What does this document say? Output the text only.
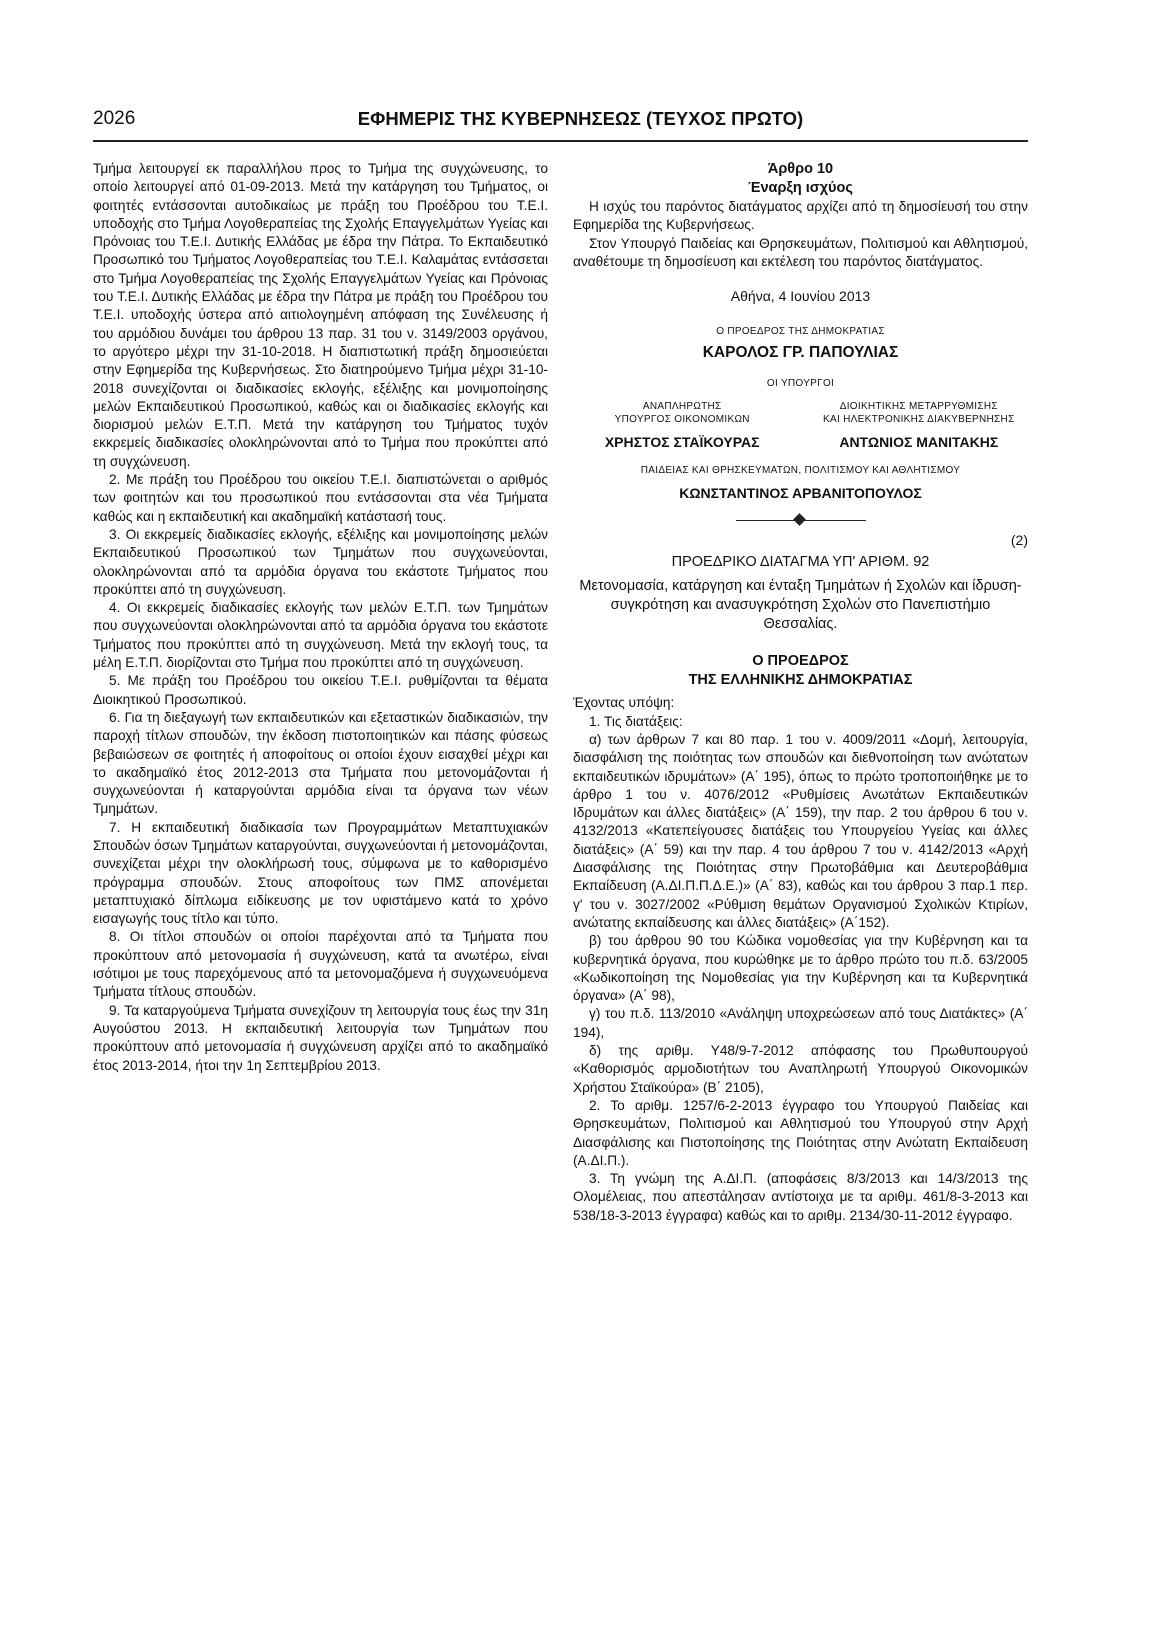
2026	ΕΦΗΜΕΡΙΣ ΤΗΣ ΚΥΒΕΡΝΗΣΕΩΣ (ΤΕΥΧΟΣ ΠΡΩΤΟ)

Τμήμα λειτουργεί εκ παραλλήλου προς το Τμήμα της συγχώνευσης, το οποίο λειτουργεί από 01-09-2013. Μετά την κατάργηση του Τμήματος, οι φοιτητές εντάσσονται αυτοδικαίως με πράξη του Προέδρου του Τ.Ε.Ι. υποδοχής στο Τμήμα Λογοθεραπείας της Σχολής Επαγγελμάτων Υγείας και Πρόνοιας του Τ.Ε.Ι. Δυτικής Ελλάδας με έδρα την Πάτρα. Το Εκπαιδευτικό Προσωπικό του Τμήματος Λογοθεραπείας του Τ.Ε.Ι. Καλαμάτας εντάσσεται στο Τμήμα Λογοθεραπείας της Σχολής Επαγγελμάτων Υγείας και Πρόνοιας του Τ.Ε.Ι. Δυτικής Ελλάδας με έδρα την Πάτρα με πράξη του Προέδρου του Τ.Ε.Ι. υποδοχής ύστερα από αιτιολογημένη απόφαση της Συνέλευσης ή του αρμόδιου δυνάμει του άρθρου 13 παρ. 31 του ν. 3149/2003 οργάνου, το αργότερο μέχρι την 31-10-2018. Η διαπιστωτική πράξη δημοσιεύεται στην Εφημερίδα της Κυβερνήσεως. Στο διατηρούμενο Τμήμα μέχρι 31-10-2018 συνεχίζονται οι διαδικασίες εκλογής, εξέλιξης και μονιμοποίησης μελών Εκπαιδευτικού Προσωπικού, καθώς και οι διαδικασίες εκλογής και διορισμού μελών Ε.Τ.Π. Μετά την κατάργηση του Τμήματος τυχόν εκκρεμείς διαδικασίες ολοκληρώνονται από το Τμήμα που προκύπτει από τη συγχώνευση.

2. Με πράξη του Προέδρου του οικείου Τ.Ε.Ι. διαπιστώνεται ο αριθμός των φοιτητών και του προσωπικού που εντάσσονται στα νέα Τμήματα καθώς και η εκπαιδευτική και ακαδημαϊκή κατάστασή τους.

3. Οι εκκρεμείς διαδικασίες εκλογής, εξέλιξης και μονιμοποίησης μελών Εκπαιδευτικού Προσωπικού των Τμημάτων που συγχωνεύονται, ολοκληρώνονται από τα αρμόδια όργανα του εκάστοτε Τμήματος που προκύπτει από τη συγχώνευση.

4. Οι εκκρεμείς διαδικασίες εκλογής των μελών Ε.Τ.Π. των Τμημάτων που συγχωνεύονται ολοκληρώνονται από τα αρμόδια όργανα του εκάστοτε Τμήματος που προκύπτει από τη συγχώνευση. Μετά την εκλογή τους, τα μέλη Ε.Τ.Π. διορίζονται στο Τμήμα που προκύπτει από τη συγχώνευση.

5. Με πράξη του Προέδρου του οικείου Τ.Ε.Ι. ρυθμίζονται τα θέματα Διοικητικού Προσωπικού.

6. Για τη διεξαγωγή των εκπαιδευτικών και εξεταστικών διαδικασιών, την παροχή τίτλων σπουδών, την έκδοση πιστοποιητικών και πάσης φύσεως βεβαιώσεων σε φοιτητές ή αποφοίτους οι οποίοι έχουν εισαχθεί μέχρι και το ακαδημαϊκό έτος 2012-2013 στα Τμήματα που μετονομάζονται ή συγχωνεύονται ή καταργούνται αρμόδια είναι τα όργανα των νέων Τμημάτων.

7. Η εκπαιδευτική διαδικασία των Προγραμμάτων Μεταπτυχιακών Σπουδών όσων Τμημάτων καταργούνται, συγχωνεύονται ή μετονομάζονται, συνεχίζεται μέχρι την ολοκλήρωσή τους, σύμφωνα με το καθορισμένο πρόγραμμα σπουδών. Στους αποφοίτους των ΠΜΣ απονέμεται μεταπτυχιακό δίπλωμα ειδίκευσης με τον υφιστάμενο κατά το χρόνο εισαγωγής τους τίτλο και τύπο.

8. Οι τίτλοι σπουδών οι οποίοι παρέχονται από τα Τμήματα που προκύπτουν από μετονομασία ή συγχώνευση, κατά τα ανωτέρω, είναι ισότιμοι με τους παρεχόμενους από τα μετονομαζόμενα ή συγχωνευόμενα Τμήματα τίτλους σπουδών.

9. Τα καταργούμενα Τμήματα συνεχίζουν τη λειτουργία τους έως την 31η Αυγούστου 2013. Η εκπαιδευτική λειτουργία των Τμημάτων που προκύπτουν από μετονομασία ή συγχώνευση αρχίζει από το ακαδημαϊκό έτος 2013-2014, ήτοι την 1η Σεπτεμβρίου 2013.

Άρθρο 10
Έναρξη ισχύος

Η ισχύς του παρόντος διατάγματος αρχίζει από τη δημοσίευσή του στην Εφημερίδα της Κυβερνήσεως.

Στον Υπουργό Παιδείας και Θρησκευμάτων, Πολιτισμού και Αθλητισμού, αναθέτουμε τη δημοσίευση και εκτέλεση του παρόντος διατάγματος.

Αθήνα, 4 Ιουνίου 2013
Ο ΠΡΟΕΔΡΟΣ ΤΗΣ ΔΗΜΟΚΡΑΤΙΑΣ
ΚΑΡΟΛΟΣ ΓΡ. ΠΑΠΟΥΛΙΑΣ
ΟΙ ΥΠΟΥΡΓΟΙ
ΑΝΑΠΛΗΡΩΤΗΣ
ΥΠΟΥΡΓΟΣ ΟΙΚΟΝΟΜΙΚΩΝ
ΧΡΗΣΤΟΣ ΣΤΑΪΚΟΥΡΑΣ
ΔΙΟΙΚΗΤΙΚΗΣ ΜΕΤΑΡΡΥΘΜΙΣΗΣ
ΚΑΙ ΗΛΕΚΤΡΟΝΙΚΗΣ ΔΙΑΚΥΒΕΡΝΗΣΗΣ
ΑΝΤΩΝΙΟΣ ΜΑΝΙΤΑΚΗΣ
ΠΑΙΔΕΙΑΣ ΚΑΙ ΘΡΗΣΚΕΥΜΑΤΩΝ, ΠΟΛΙΤΙΣΜΟΥ ΚΑΙ ΑΘΛΗΤΙΣΜΟΥ
ΚΩΝΣΤΑΝΤΙΝΟΣ ΑΡΒΑΝΙΤΟΠΟΥΛΟΣ
(2)
ΠΡΟΕΔΡΙΚΟ ΔΙΑΤΑΓΜΑ ΥΠ' ΑΡΙΘΜ. 92
Μετονομασία, κατάργηση και ένταξη Τμημάτων ή Σχολών και ίδρυση-συγκρότηση και ανασυγκρότηση Σχολών στο Πανεπιστήμιο Θεσσαλίας.
Ο ΠΡΟΕΔΡΟΣ
ΤΗΣ ΕΛΛΗΝΙΚΗΣ ΔΗΜΟΚΡΑΤΙΑΣ

Έχοντας υπόψη:

1. Τις διατάξεις:

α) των άρθρων 7 και 80 παρ. 1 του ν. 4009/2011 «Δομή, λειτουργία, διασφάλιση της ποιότητας των σπουδών και διεθνοποίηση των ανώτατων εκπαιδευτικών ιδρυμάτων» (Α΄ 195), όπως το πρώτο τροποποιήθηκε με το άρθρο 1 του ν. 4076/2012 «Ρυθμίσεις Ανωτάτων Εκπαιδευτικών Ιδρυμάτων και άλλες διατάξεις» (Α΄ 159), την παρ. 2 του άρθρου 6 του ν. 4132/2013 «Κατεπείγουσες διατάξεις του Υπουργείου Υγείας και άλλες διατάξεις» (Α΄ 59) και την παρ. 4 του άρθρου 7 του ν. 4142/2013 «Αρχή Διασφάλισης της Ποιότητας στην Πρωτοβάθμια και Δευτεροβάθμια Εκπαίδευση (Α.ΔΙ.Π.Π.Δ.Ε.)» (Α΄ 83), καθώς και του άρθρου 3 παρ.1 περ. γ' του ν. 3027/2002 «Ρύθμιση θεμάτων Οργανισμού Σχολικών Κτιρίων, ανώτατης εκπαίδευσης και άλλες διατάξεις» (Α΄152).

β) του άρθρου 90 του Κώδικα νομοθεσίας για την Κυβέρνηση και τα κυβερνητικά όργανα, που κυρώθηκε με το άρθρο πρώτο του π.δ. 63/2005 «Κωδικοποίηση της Νομοθεσίας για την Κυβέρνηση και τα Κυβερνητικά όργανα» (Α΄ 98),

γ) του π.δ. 113/2010 «Ανάληψη υποχρεώσεων από τους Διατάκτες» (Α΄ 194),

δ) της αριθμ. Υ48/9-7-2012 απόφασης του Πρωθυπουργού «Καθορισμός αρμοδιοτήτων του Αναπληρωτή Υπουργού Οικονομικών Χρήστου Σταϊκούρα» (Β΄ 2105),

2. Το αριθμ. 1257/6-2-2013 έγγραφο του Υπουργού Παιδείας και Θρησκευμάτων, Πολιτισμού και Αθλητισμού του Υπουργού στην Αρχή Διασφάλισης και Πιστοποίησης της Ποιότητας στην Ανώτατη Εκπαίδευση (Α.ΔΙ.Π.).

3. Τη γνώμη της Α.ΔΙ.Π. (αποφάσεις 8/3/2013 και 14/3/2013 της Ολομέλειας, που απεστάλησαν αντίστοιχα με τα αριθμ. 461/8-3-2013 και 538/18-3-2013 έγγραφα) καθώς και το αριθμ. 2134/30-11-2012 έγγραφο.
